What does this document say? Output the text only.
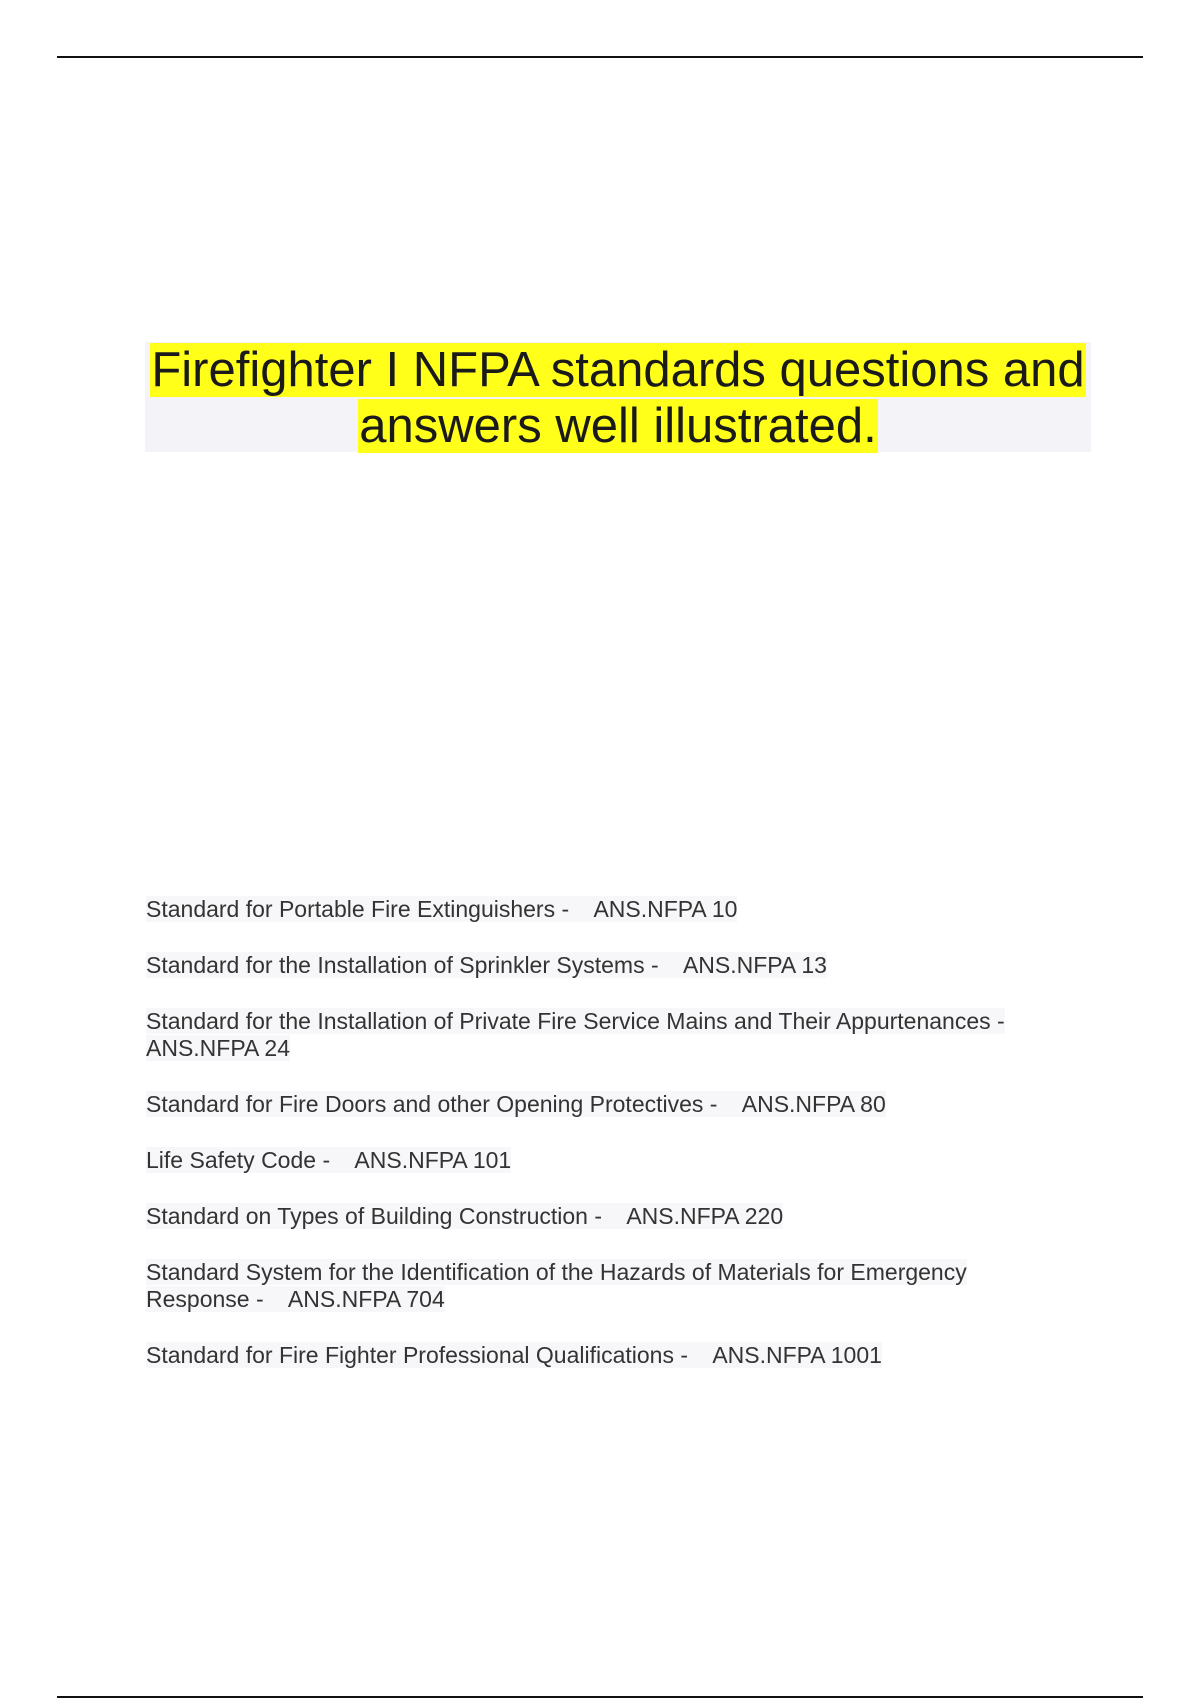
Firefighter I NFPA standards questions and
answers well illustrated.
Standard for Portable Fire Extinguishers - ANS.NFPA 10
Standard for the Installation of Sprinkler Systems - ANS.NFPA 13
Standard for the Installation of Private Fire Service Mains and Their Appurtenances -
ANS.NFPA 24
Standard for Fire Doors and other Opening Protectives - ANS.NFPA 80
Life Safety Code - ANS.NFPA 101
Standard on Types of Building Construction - ANS.NFPA 220
Standard System for the Identification of the Hazards of Materials for Emergency Response - ANS.NFPA 704
Standard for Fire Fighter Professional Qualifications - ANS.NFPA 1001
